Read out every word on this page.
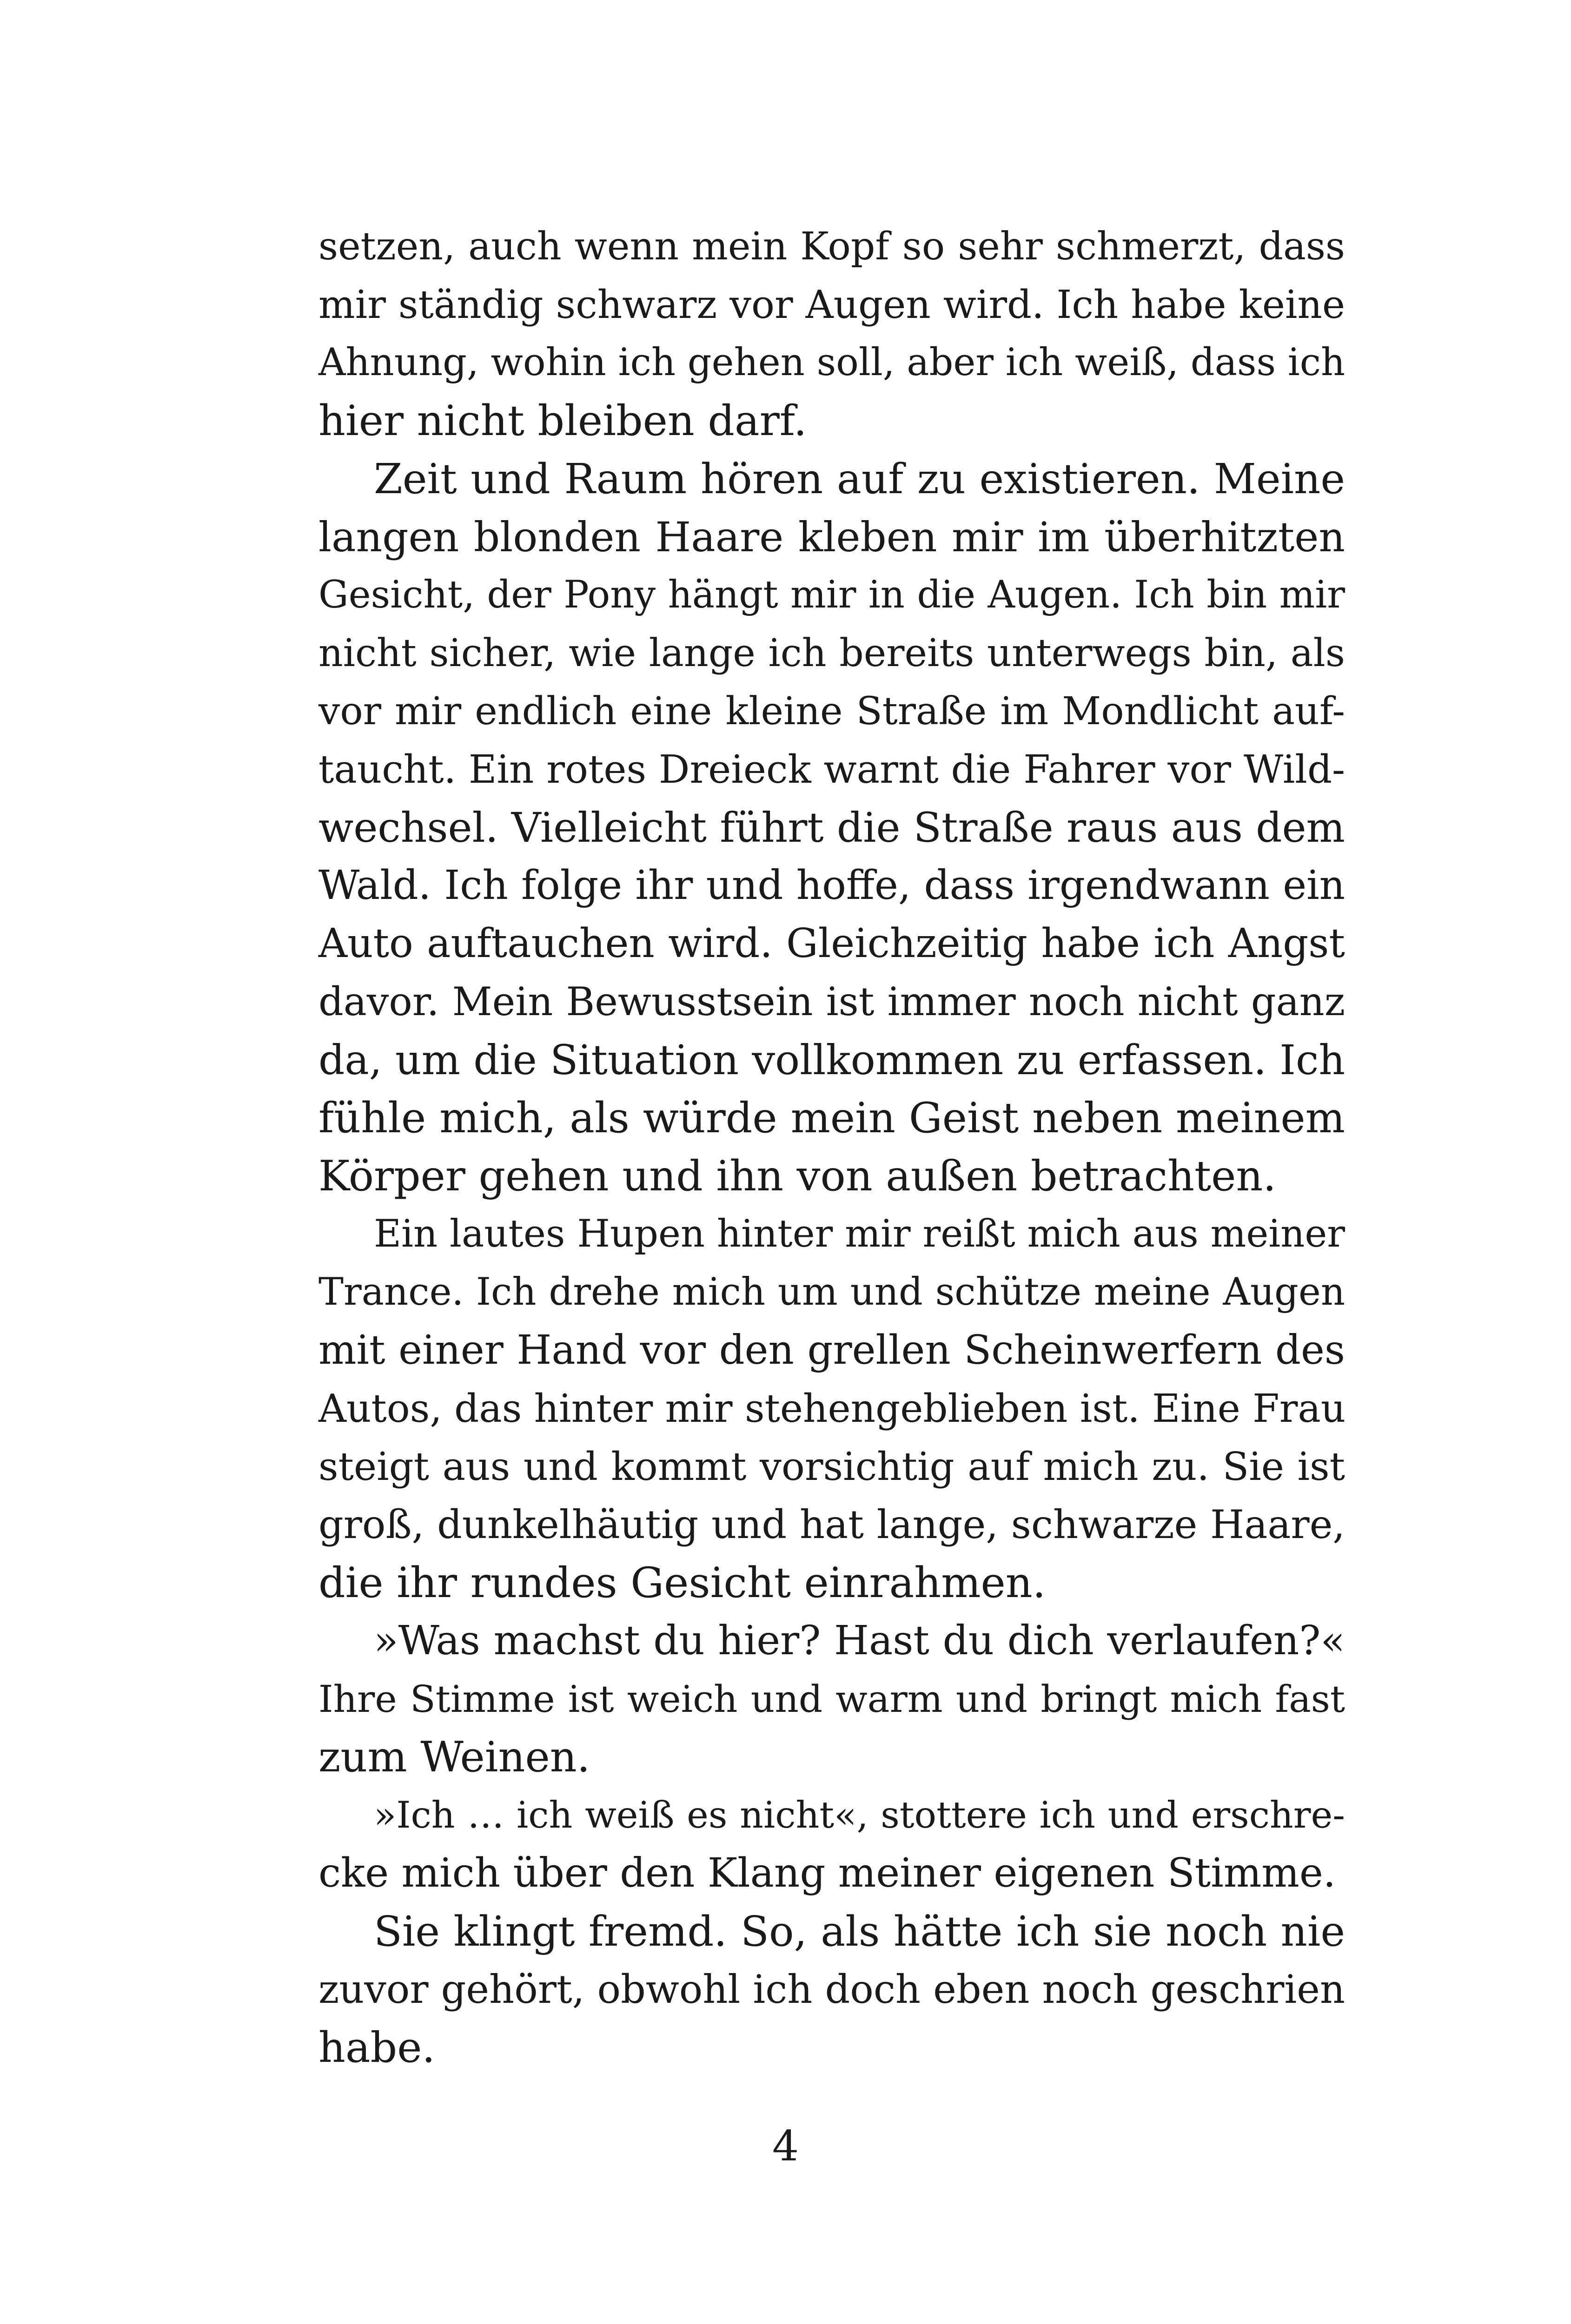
setzen, auch wenn mein Kopf so sehr schmerzt, dass
mir ständig schwarz vor Augen wird. Ich habe keine
Ahnung, wohin ich gehen soll, aber ich weiß, dass ich
hier nicht bleiben darf.
Zeit und Raum hören auf zu existieren. Meine
langen blonden Haare kleben mir im überhitzten
Gesicht, der Pony hängt mir in die Augen. Ich bin mir
nicht sicher, wie lange ich bereits unterwegs bin, als
vor mir endlich eine kleine Straße im Mondlicht auf-
taucht. Ein rotes Dreieck warnt die Fahrer vor Wild-
wechsel. Vielleicht führt die Straße raus aus dem
Wald. Ich folge ihr und hoffe, dass irgendwann ein
Auto auftauchen wird. Gleichzeitig habe ich Angst
davor. Mein Bewusstsein ist immer noch nicht ganz
da, um die Situation vollkommen zu erfassen. Ich
fühle mich, als würde mein Geist neben meinem
Körper gehen und ihn von außen betrachten.
Ein lautes Hupen hinter mir reißt mich aus meiner
Trance. Ich drehe mich um und schütze meine Augen
mit einer Hand vor den grellen Scheinwerfern des
Autos, das hinter mir stehengeblieben ist. Eine Frau
steigt aus und kommt vorsichtig auf mich zu. Sie ist
groß, dunkelhäutig und hat lange, schwarze Haare,
die ihr rundes Gesicht einrahmen.
»Was machst du hier? Hast du dich verlaufen?«
Ihre Stimme ist weich und warm und bringt mich fast
zum Weinen.
»Ich … ich weiß es nicht«, stottere ich und erschre-
cke mich über den Klang meiner eigenen Stimme.
Sie klingt fremd. So, als hätte ich sie noch nie
zuvor gehört, obwohl ich doch eben noch geschrien
habe.
4
